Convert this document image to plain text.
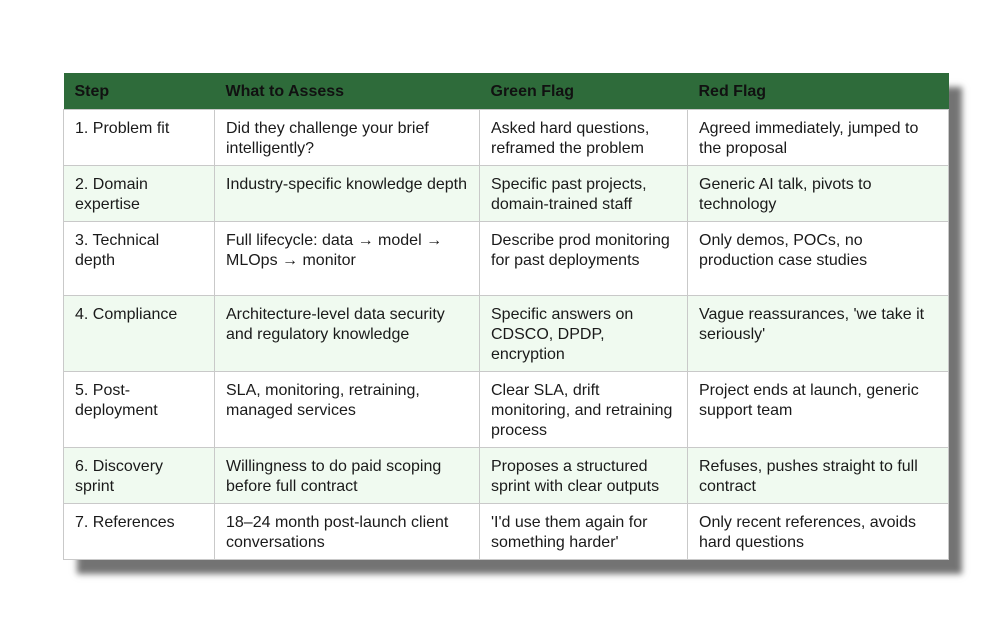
Step	What to Assess	Green Flag	Red Flag
1. Problem fit	Did they challenge your brief intelligently?	Asked hard questions, reframed the problem	Agreed immediately, jumped to the proposal
2. Domain expertise	Industry-specific knowledge depth	Specific past projects, domain-trained staff	Generic AI talk, pivots to technology
3. Technical depth	Full lifecycle: data → model → MLOps → monitor	Describe prod monitoring for past deployments	Only demos, POCs, no production case studies
4. Compliance	Architecture-level data security and regulatory knowledge	Specific answers on CDSCO, DPDP, encryption	Vague reassurances, 'we take it seriously'
5. Post-deployment	SLA, monitoring, retraining, managed services	Clear SLA, drift monitoring, and retraining process	Project ends at launch, generic support team
6. Discovery sprint	Willingness to do paid scoping before full contract	Proposes a structured sprint with clear outputs	Refuses, pushes straight to full contract
7. References	18–24 month post-launch client conversations	'I'd use them again for something harder'	Only recent references, avoids hard questions
